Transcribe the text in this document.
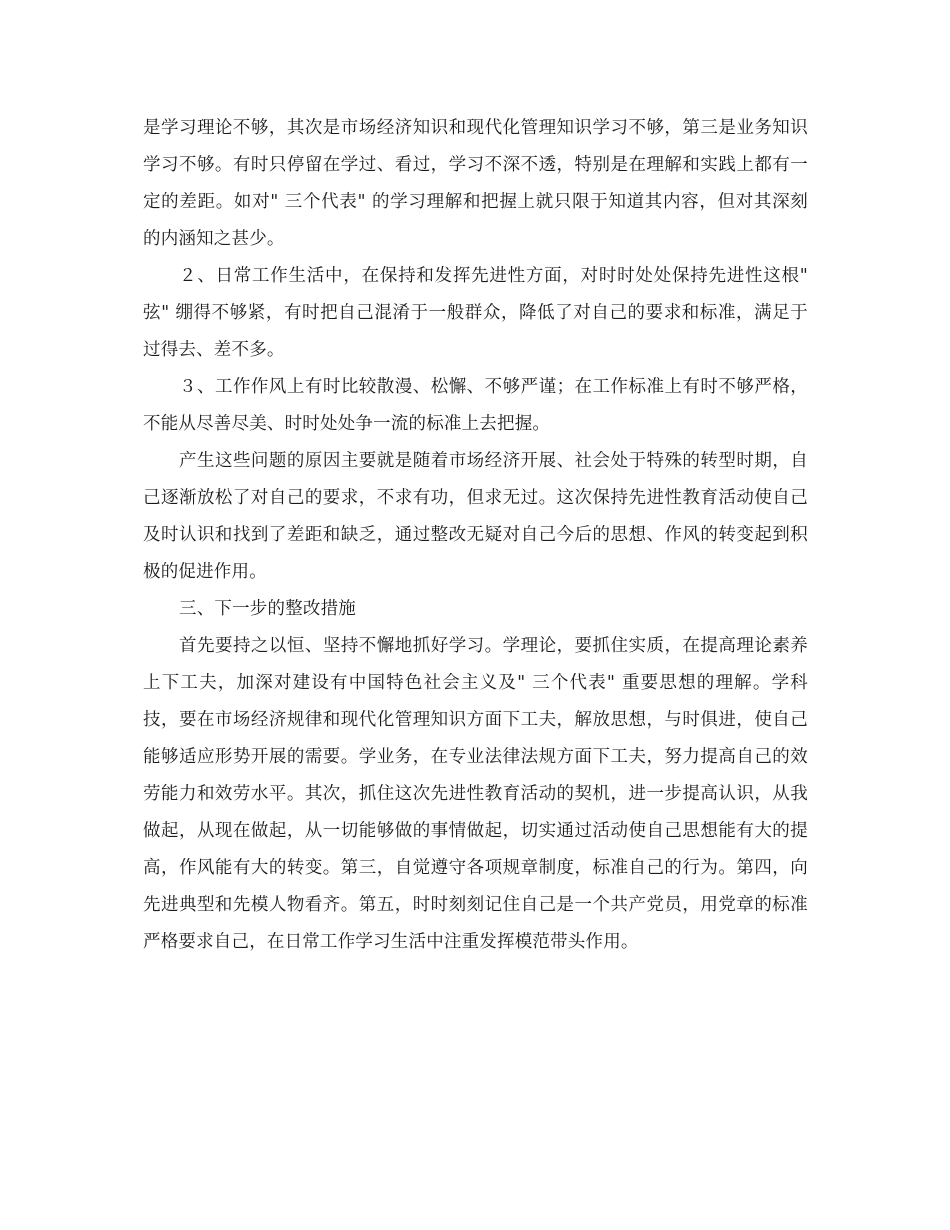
是学习理论不够，其次是市场经济知识和现代化管理知识学习不够，第三是业务知识学习不够。有时只停留在学过、看过，学习不深不透，特别是在理解和实践上都有一定的差距。如对" 三个代表" 的学习理解和把握上就只限于知道其内容，但对其深刻的内涵知之甚少。

２、日常工作生活中，在保持和发挥先进性方面，对时时处处保持先进性这根" 弦" 绷得不够紧，有时把自己混淆于一般群众，降低了对自己的要求和标准，满足于过得去、差不多。

３、工作作风上有时比较散漫、松懈、不够严谨；在工作标准上有时不够严格，不能从尽善尽美、时时处处争一流的标准上去把握。

产生这些问题的原因主要就是随着市场经济开展、社会处于特殊的转型时期，自己逐渐放松了对自己的要求，不求有功，但求无过。这次保持先进性教育活动使自己及时认识和找到了差距和缺乏，通过整改无疑对自己今后的思想、作风的转变起到积极的促进作用。

三、下一步的整改措施

首先要持之以恒、坚持不懈地抓好学习。学理论，要抓住实质，在提高理论素养上下工夫，加深对建设有中国特色社会主义及" 三个代表" 重要思想的理解。学科技，要在市场经济规律和现代化管理知识方面下工夫，解放思想，与时俱进，使自己能够适应形势开展的需要。学业务，在专业法律法规方面下工夫，努力提高自己的效劳能力和效劳水平。其次，抓住这次先进性教育活动的契机，进一步提高认识，从我做起，从现在做起，从一切能够做的事情做起，切实通过活动使自己思想能有大的提高，作风能有大的转变。第三，自觉遵守各项规章制度，标准自己的行为。第四，向先进典型和先模人物看齐。第五，时时刻刻记住自己是一个共产党员，用党章的标准严格要求自己，在日常工作学习生活中注重发挥模范带头作用。
